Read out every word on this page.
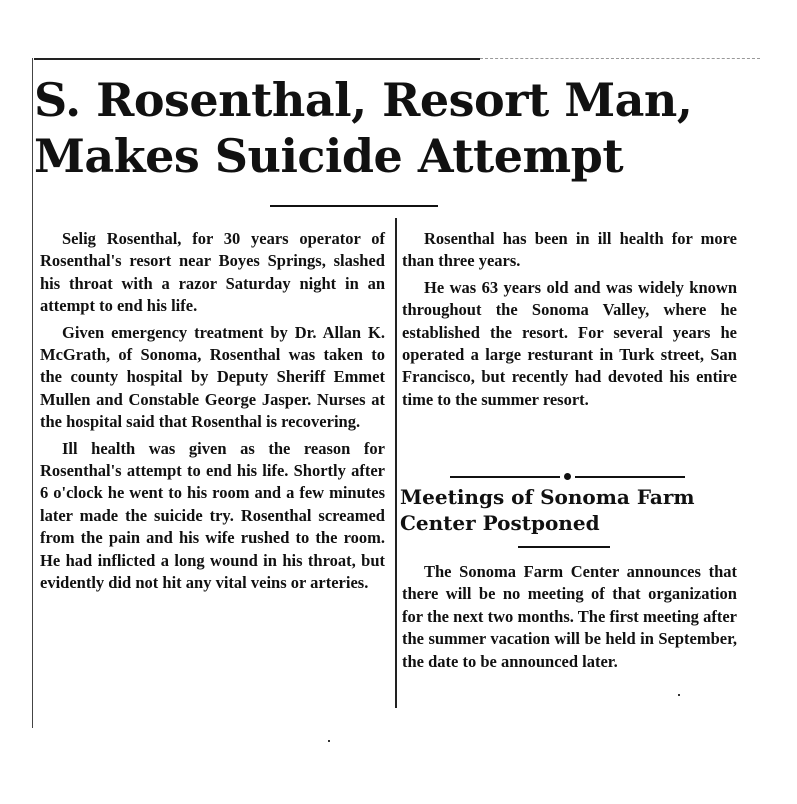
S. Rosenthal, Resort Man,
Makes Suicide Attempt

Selig Rosenthal, for 30 years operator of Rosenthal's resort near Boyes Springs, slashed his throat with a razor Saturday night in an attempt to end his life.

Given emergency treatment by Dr. Allan K. McGrath, of Sonoma, Rosenthal was taken to the county hospital by Deputy Sheriff Emmet Mullen and Constable George Jasper. Nurses at the hospital said that Rosenthal is recovering.

Ill health was given as the reason for Rosenthal's attempt to end his life. Shortly after 6 o'clock he went to his room and a few minutes later made the suicide try. Rosenthal screamed from the pain and his wife rushed to the room. He had inflicted a long wound in his throat, but evidently did not hit any vital veins or arteries.

Rosenthal has been in ill health for more than three years.

He was 63 years old and was widely known throughout the Sonoma Valley, where he established the resort. For several years he operated a large resturant in Turk street, San Francisco, but recently had devoted his entire time to the summer resort.

Meetings of Sonoma Farm Center Postponed

The Sonoma Farm Center announces that there will be no meeting of that organization for the next two months. The first meeting after the summer vacation will be held in September, the date to be announced later.
